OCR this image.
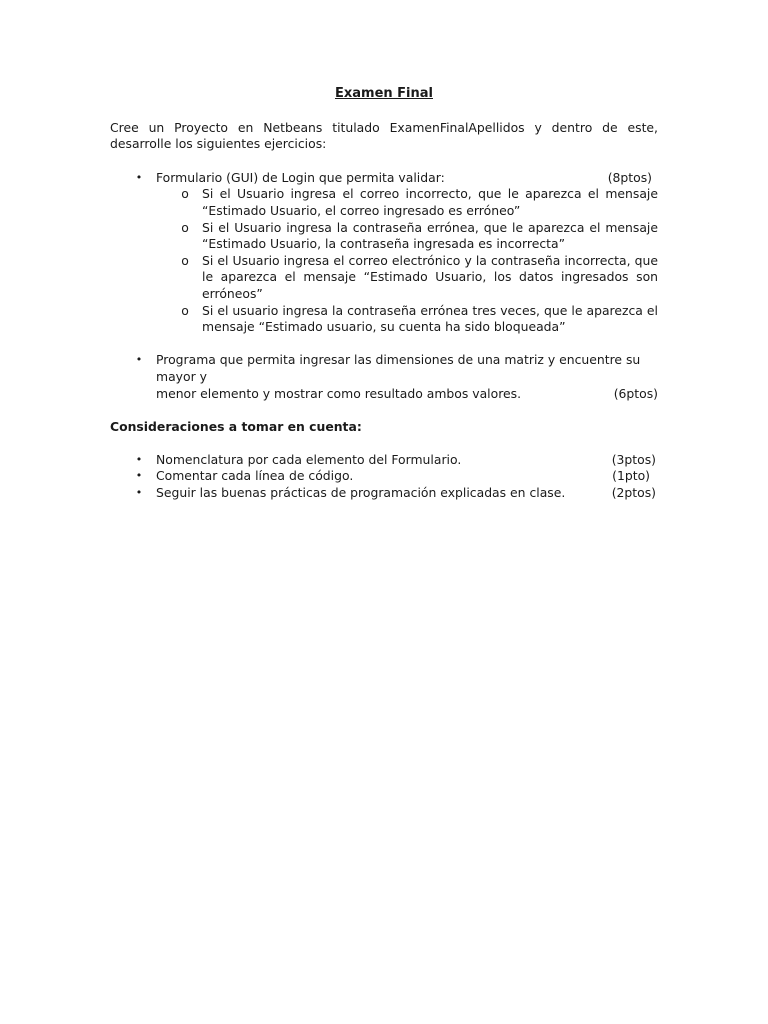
Examen Final

Cree un Proyecto en Netbeans titulado ExamenFinalApellidos y dentro de este, desarrolle los siguientes ejercicios:

• Formulario (GUI) de Login que permita validar:	(8ptos)
o Si el Usuario ingresa el correo incorrecto, que le aparezca el mensaje “Estimado Usuario, el correo ingresado es erróneo”
o Si el Usuario ingresa la contraseña errónea, que le aparezca el mensaje “Estimado Usuario, la contraseña ingresada es incorrecta”
o Si el Usuario ingresa el correo electrónico y la contraseña incorrecta, que le aparezca el mensaje “Estimado Usuario, los datos ingresados son erróneos”
o Si el usuario ingresa la contraseña errónea tres veces, que le aparezca el mensaje “Estimado usuario, su cuenta ha sido bloqueada”
• Programa que permita ingresar las dimensiones de una matriz y encuentre su mayor y
menor elemento y mostrar como resultado ambos valores.	(6ptos)

Consideraciones a tomar en cuenta:

• Nomenclatura por cada elemento del Formulario.	(3ptos)
• Comentar cada línea de código.	(1pto)
• Seguir las buenas prácticas de programación explicadas en clase.	(2ptos)
